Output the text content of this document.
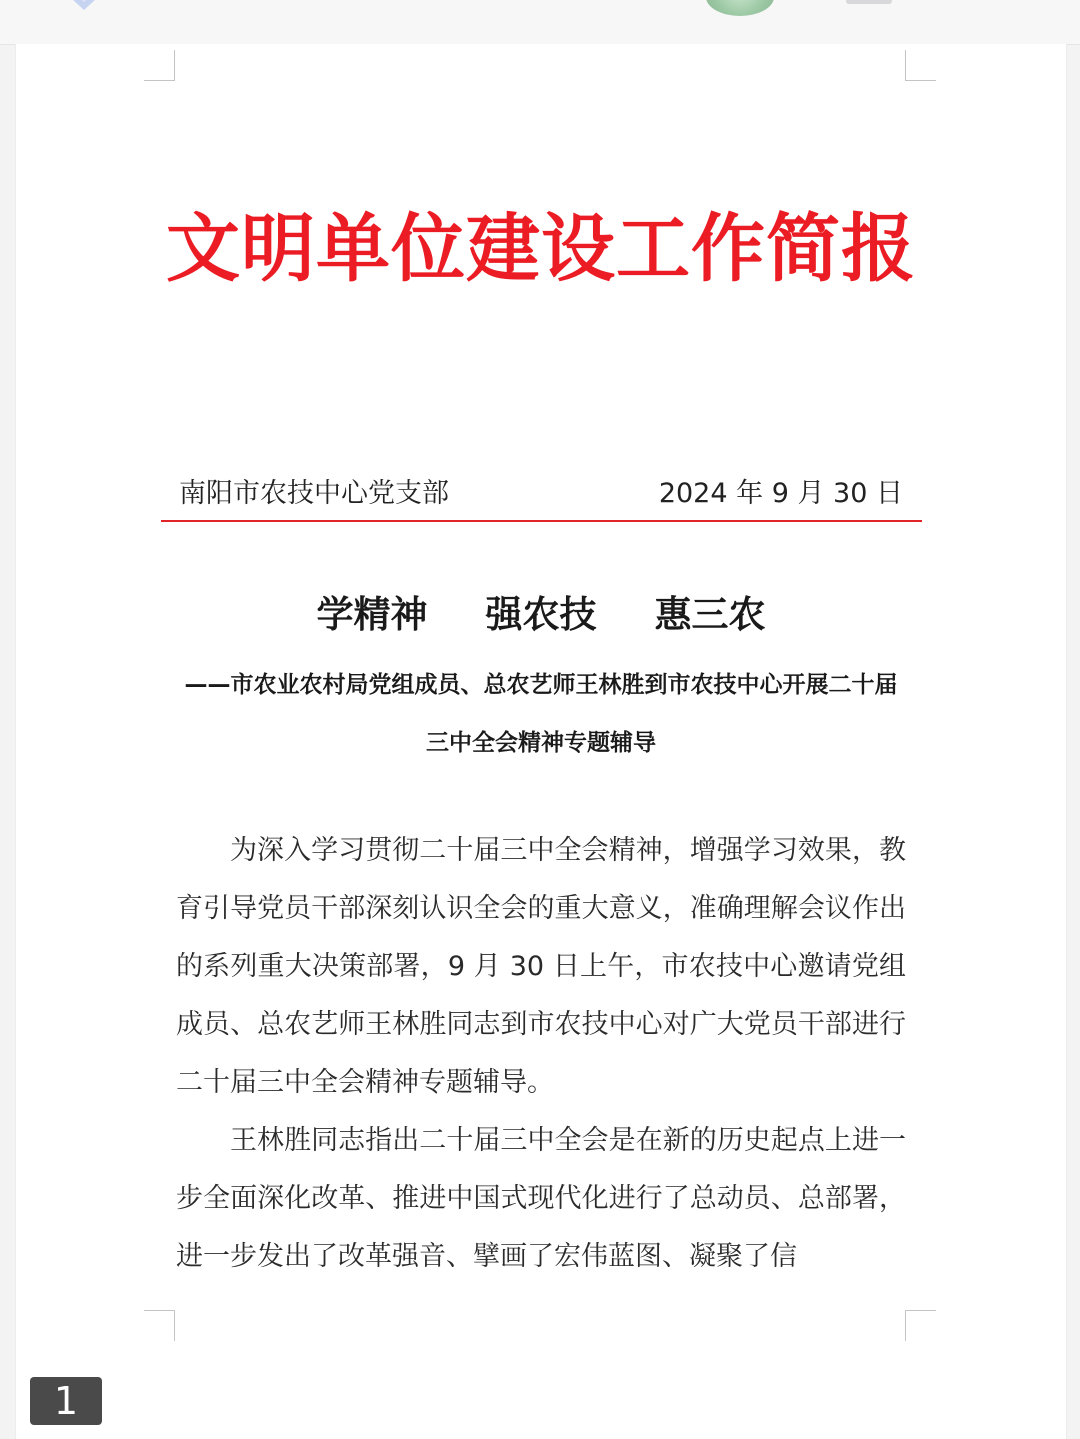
文明单位建设工作简报
南阳市农技中心党支部	2024 年 9 月 30 日
学精神 强农技 惠三农
——市农业农村局党组成员、总农艺师王林胜到市农技中心开展二十届三中全会精神专题辅导

为深入学习贯彻二十届三中全会精神，增强学习效果，教育引导党员干部深刻认识全会的重大意义，准确理解会议作出的系列重大决策部署，9 月 30 日上午，市农技中心邀请党组成员、总农艺师王林胜同志到市农技中心对广大党员干部进行二十届三中全会精神专题辅导。

王林胜同志指出二十届三中全会是在新的历史起点上进一步全面深化改革、推进中国式现代化进行了总动员、总部署，进一步发出了改革强音、擘画了宏伟蓝图、凝聚了信

1
